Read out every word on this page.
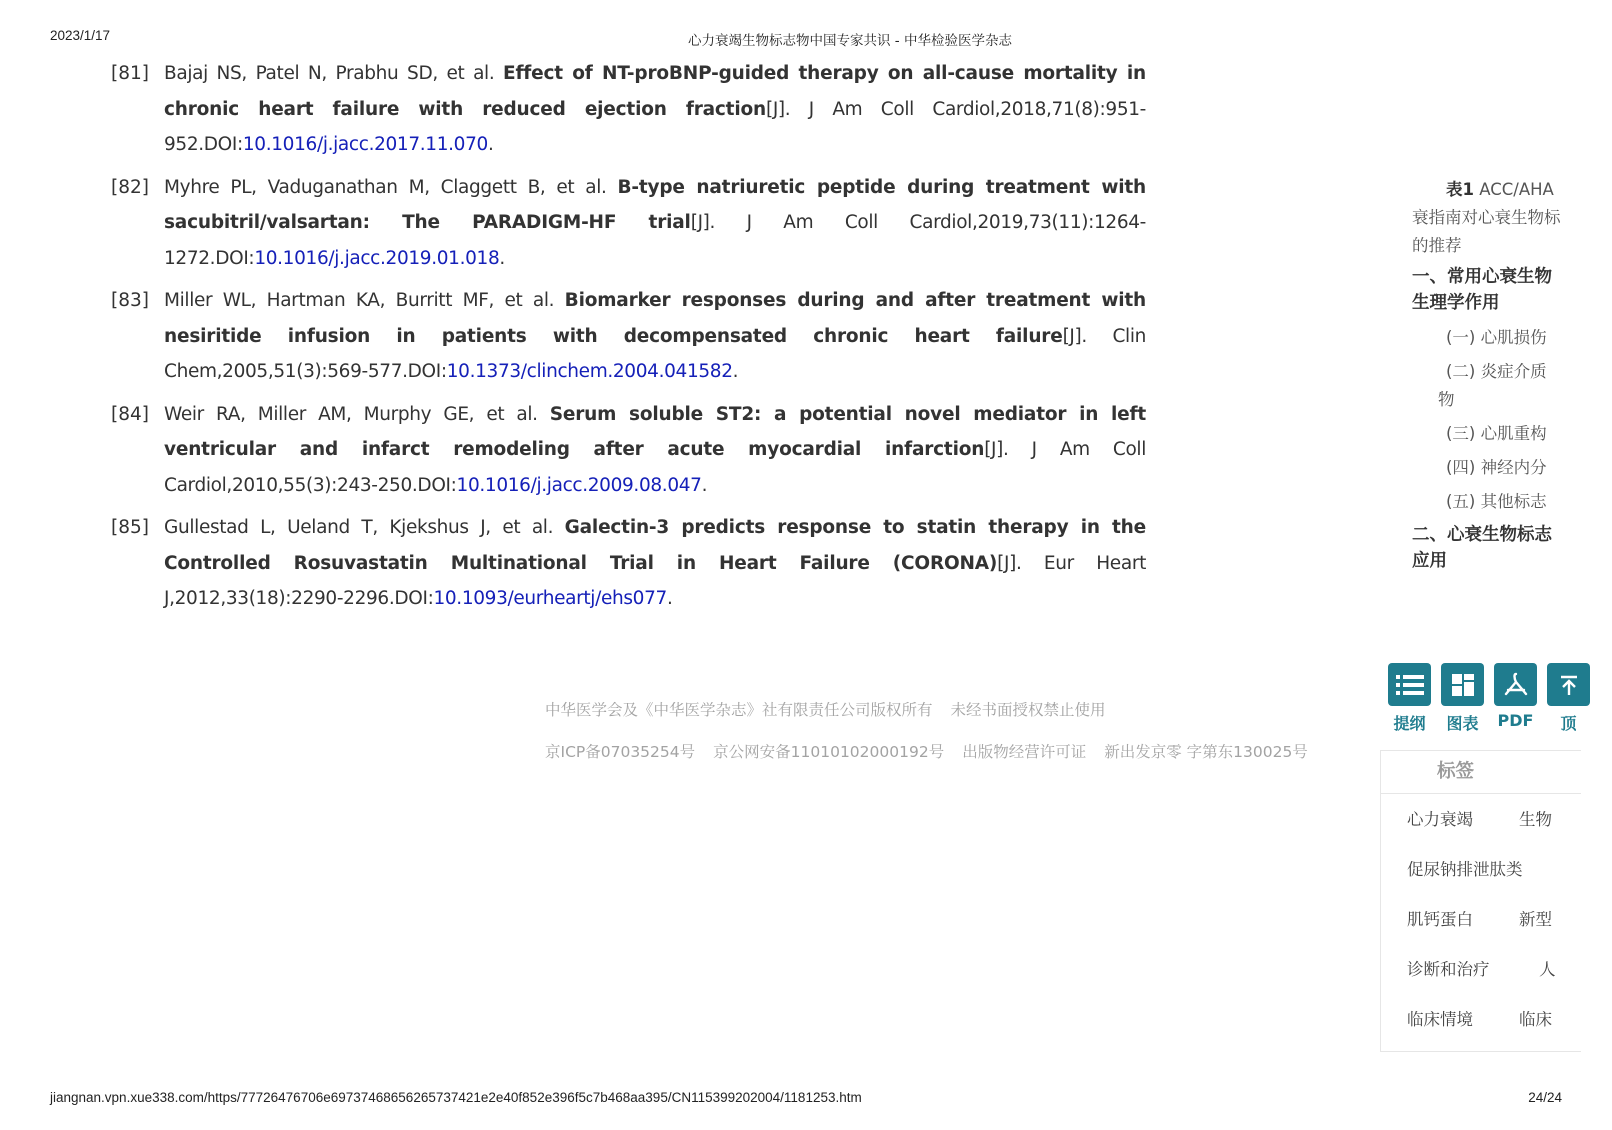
2023/1/17	心力衰竭生物标志物中国专家共识 - 中华检验医学杂志
[81] Bajaj NS, Patel N, Prabhu SD, et al. Effect of NT-proBNP-guided therapy on all-cause mortality in chronic heart failure with reduced ejection fraction[J]. J Am Coll Cardiol,2018,71(8):951-952.DOI:10.1016/j.jacc.2017.11.070.
[82] Myhre PL, Vaduganathan M, Claggett B, et al. B-type natriuretic peptide during treatment with sacubitril/valsartan: The PARADIGM-HF trial[J]. J Am Coll Cardiol,2019,73(11):1264-1272.DOI:10.1016/j.jacc.2019.01.018.
[83] Miller WL, Hartman KA, Burritt MF, et al. Biomarker responses during and after treatment with nesiritide infusion in patients with decompensated chronic heart failure[J]. Clin Chem,2005,51(3):569-577.DOI:10.1373/clinchem.2004.041582.
[84] Weir RA, Miller AM, Murphy GE, et al. Serum soluble ST2: a potential novel mediator in left ventricular and infarct remodeling after acute myocardial infarction[J]. J Am Coll Cardiol,2010,55(3):243-250.DOI:10.1016/j.jacc.2009.08.047.
[85] Gullestad L, Ueland T, Kjekshus J, et al. Galectin-3 predicts response to statin therapy in the Controlled Rosuvastatin Multinational Trial in Heart Failure (CORONA)[J]. Eur Heart J,2012,33(18):2290-2296.DOI:10.1093/eurheartj/ehs077.
中华医学会及《中华医学杂志》社有限责任公司版权所有 未经书面授权禁止使用
京ICP备07035254号 京公网安备11010102000192号 出版物经营许可证 新出发京零 字第东130025号
表1 ACC/AHA
衰指南对心衰生物标
的推荐
一、常用心衰生物
生理学作用
(一) 心肌损伤
(二) 炎症介质
物
(三) 心肌重构
(四) 神经内分
(五) 其他标志
二、心衰生物标志
应用
提纲	图表	PDF	顶
标签
心力衰竭	生物
促尿钠排泄肽类
肌钙蛋白	新型
诊断和治疗	人
临床情境	临床
jiangnan.vpn.xue338.com/https/77726476706e69737468656265737421e2e40f852e396f5c7b468aa395/CN115399202004/1181253.htm	24/24
